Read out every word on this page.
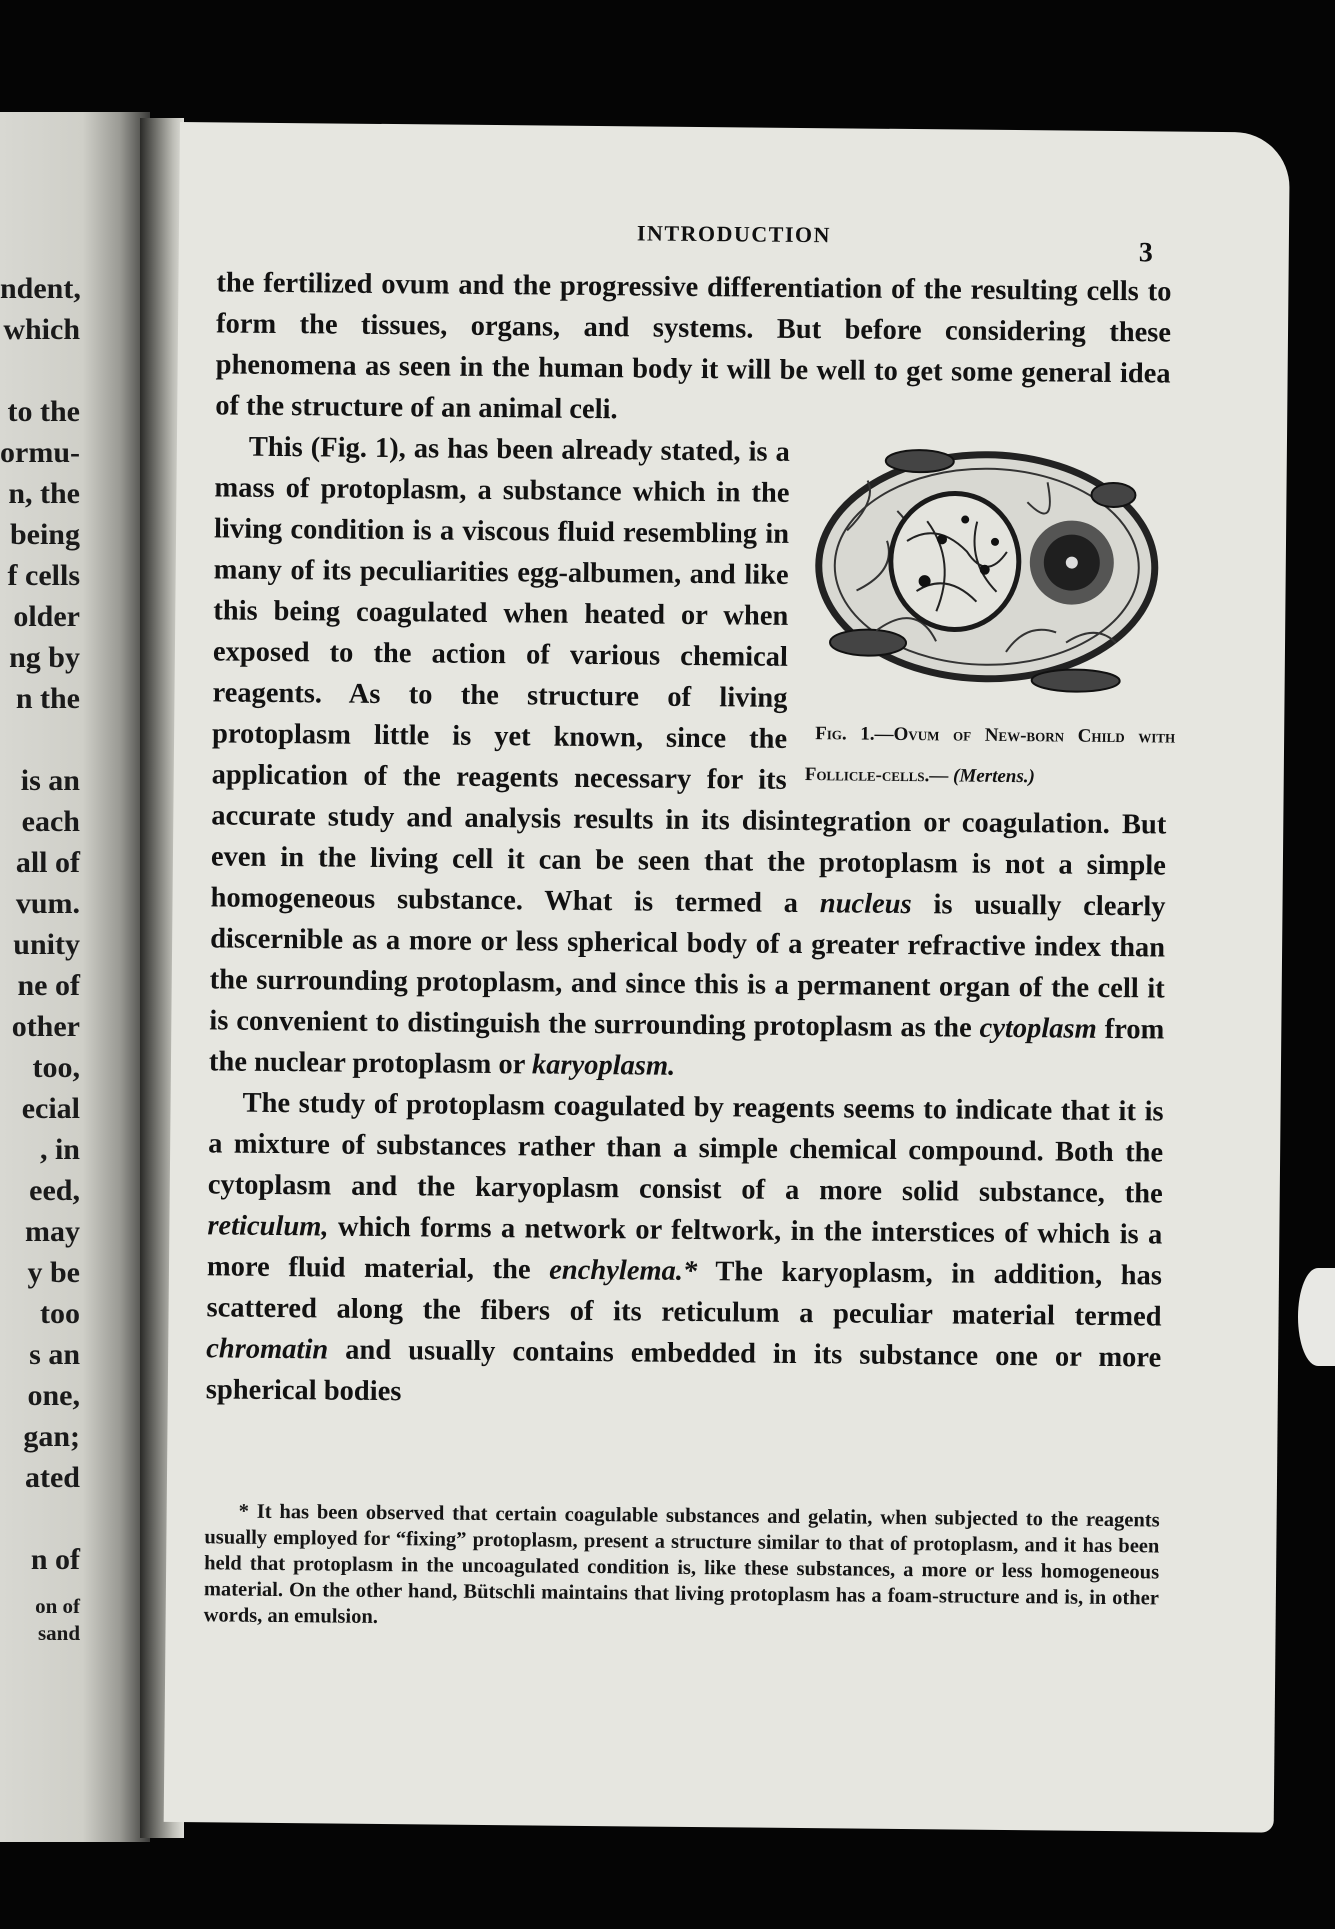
ndent,
which
to the
ormu-
n, the
being
f cells
older
ng by
n the
is an
each
all of
vum.
unity
ne of
other
too,
ecial
, in
eed,
may
y be
too
s an
one,
gan;
ated
n of
on of
sand
INTRODUCTION
3

the fertilized ovum and the progressive differentiation of the resulting cells to form the tissues, organs, and systems. But before considering these phenomena as seen in the human body it will be well to get some general idea of the structure of an animal celi.

Fig. 1.—Ovum of New-born Child with Follicle-cells.— (Mertens.)
This (Fig. 1), as has been already stated, is a mass of protoplasm, a substance which in the living condition is a viscous fluid resembling in many of its peculiarities egg-albumen, and like this being coagulated when heated or when exposed to the action of various chemical reagents. As to the structure of living protoplasm little is yet known, since the application of the reagents necessary for its accurate study and analysis results in its disintegration or coagulation. But even in the living cell it can be seen that the protoplasm is not a simple homogeneous substance. What is termed a nucleus is usually clearly discernible as a more or less spherical body of a greater refractive index than the surrounding protoplasm, and since this is a permanent organ of the cell it is convenient to distinguish the surrounding protoplasm as the cytoplasm from the nuclear protoplasm or karyoplasm.

The study of protoplasm coagulated by reagents seems to indicate that it is a mixture of substances rather than a simple chemical compound. Both the cytoplasm and the karyoplasm consist of a more solid substance, the reticulum, which forms a network or feltwork, in the interstices of which is a more fluid material, the enchylema.* The karyoplasm, in addition, has scattered along the fibers of its reticulum a peculiar material termed chromatin and usually contains embedded in its substance one or more spherical bodies

* It has been observed that certain coagulable substances and gelatin, when subjected to the reagents usually employed for “fixing” protoplasm, present a structure similar to that of protoplasm, and it has been held that protoplasm in the uncoagulated condition is, like these substances, a more or less homogeneous material. On the other hand, Bütschli maintains that living protoplasm has a foam-structure and is, in other words, an emulsion.
